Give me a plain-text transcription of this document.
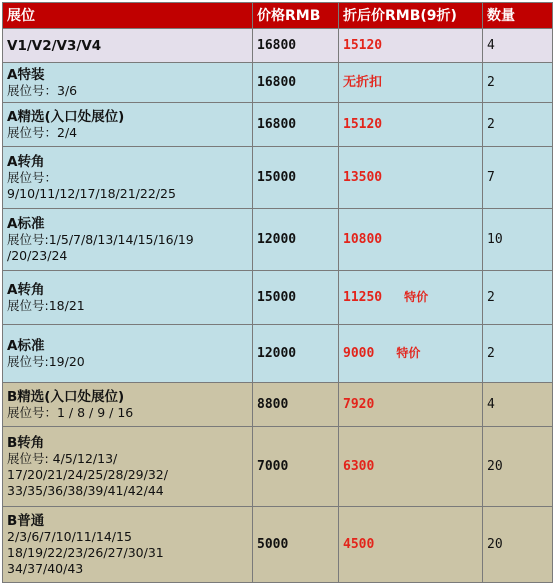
展位	价格RMB	折后价RMB(9折)	数量

V1/V2/V3/V4	16800	15120	4

A特装
展位号：3/6	16800	无折扣	2

A精选(入口处展位)
展位号：2/4	16800	15120	2

A转角
展位号：
9/10/11/12/17/18/21/22/25	15000	13500	7

A标准
展位号:1/5/7/8/13/14/15/16/19
/20/23/24	12000	10800	10

A转角
展位号:18/21	15000	11250 特价	2

A标准
展位号:19/20	12000	9000 特价	2

B精选(入口处展位)
展位号：1 / 8 / 9 / 16	8800	7920	4

B转角
展位号: 4/5/12/13/
17/20/21/24/25/28/29/32/
33/35/36/38/39/41/42/44	7000	6300	20

B普通
2/3/6/7/10/11/14/15
18/19/22/23/26/27/30/31
34/37/40/43	5000	4500	20
